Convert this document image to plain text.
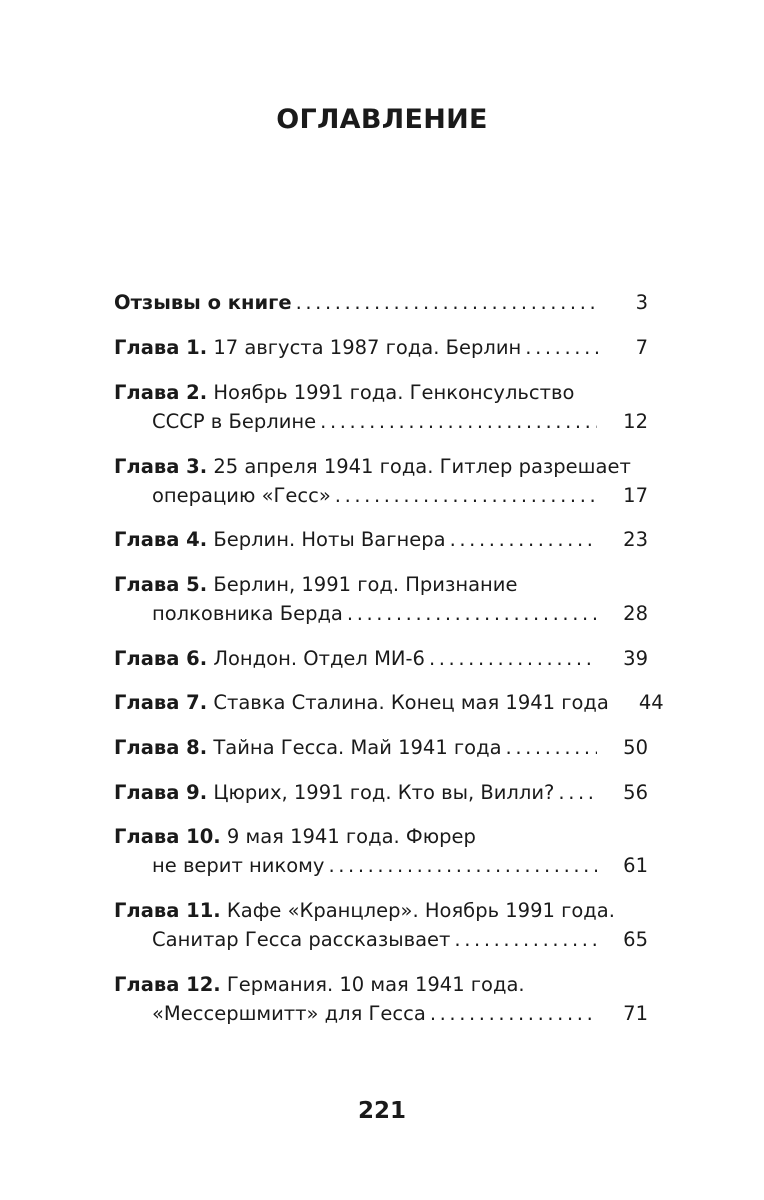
ОГЛАВЛЕНИЕ
Отзывы о книге . . .	3
Глава 1. 17 августа 1987 года. Берлин . . .	7
Глава 2. Ноябрь 1991 года. Генконсульство
СССР в Берлине . . .	12
Глава 3. 25 апреля 1941 года. Гитлер разрешает
операцию «Гесс» . . .	17
Глава 4. Берлин. Ноты Вагнера . . .	23
Глава 5. Берлин, 1991 год. Признание
полковника Берда . . .	28
Глава 6. Лондон. Отдел МИ-6 . . .	39
Глава 7. Ставка Сталина. Конец мая 1941 года 44
Глава 8. Тайна Гесса. Май 1941 года . . .	50
Глава 9. Цюрих, 1991 год. Кто вы, Вилли? . . .	56
Глава 10. 9 мая 1941 года. Фюрер
не верит никому . . .	61
Глава 11. Кафе «Кранцлер». Ноябрь 1991 года.
Санитар Гесса рассказывает . . .	65
Глава 12. Германия. 10 мая 1941 года.
«Мессершмитт» для Гесса . . .	71
221
